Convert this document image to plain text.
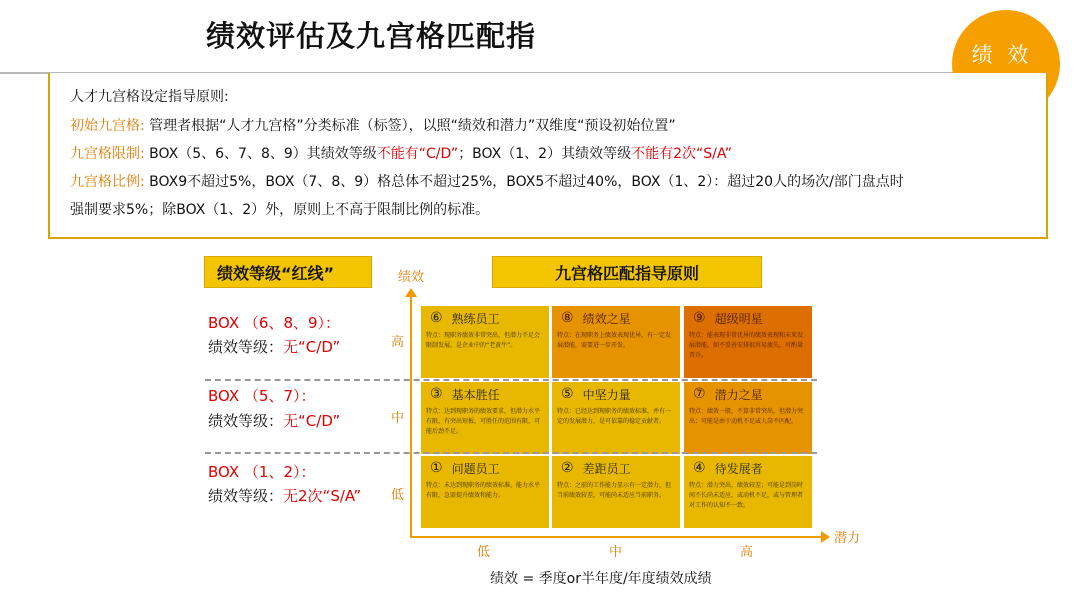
绩效评估及九宫格匹配指
绩 效
人才九宫格设定指导原则:
初始九宫格: 管理者根据“人才九宫格”分类标准（标签），以照“绩效和潜力”双维度“预设初始位置”
九宫格限制: BOX（5、6、7、8、9）其绩效等级不能有“C/D”；BOX（1、2）其绩效等级不能有2次“S/A”
九宫格比例: BOX9不超过5%，BOX（7、8、9）格总体不超过25%，BOX5不超过40%，BOX（1、2）：超过20人的场次/部门盘点时
强制要求5%；除BOX（1、2）外，原则上不高于限制比例的标准。
绩效等级“红线”
BOX （6、8、9）：
绩效等级：无“C/D”
BOX （5、7）：
绩效等级：无“C/D”
BOX （1、2）：
绩效等级：无2次“S/A”
九宫格匹配指导原则
绩效
潜力
高
中
低
低	中	高
⑥ 熟练员工
特点：现职务绩效非常突出，但潜力不足会限制发展，是企业中的“老黄牛”。
⑧ 绩效之星
特点：在现职务上绩效表现优异，有一定发展潜能，需要进一步开发。
⑨ 超级明星
特点：能表现非常优异的绩效表现和未来发展潜能，如不妥善安排很容易流失，可酌量晋升。
③ 基本胜任
特点：达到现职务的绩效要求，但潜力水平有限，有突出短板，可胜任的范围有限，可能后劲不足。
⑤ 中坚力量
特点：已经达到现职务的绩效标准，并有一定的发展潜力，是可依靠的稳定贡献者。
⑦ 潜力之星
特点：绩效一般，不算非常突出，但潜力突出；可能是由于动机不足或人岗不匹配。
① 问题员工
特点：未达到现职务的绩效标准，能力水平有限，急需提升绩效和能力。
② 差距员工
特点：之前的工作能力显示有一定潜力，但当前绩效较差，可能尚未适应当前职务。
④ 待发展者
特点：潜力突出，绩效较差；可能是到岗时间不长尚未适应，或动机不足，或与管理者对工作的认知不一致。
绩效 = 季度or半年度/年度绩效成绩
